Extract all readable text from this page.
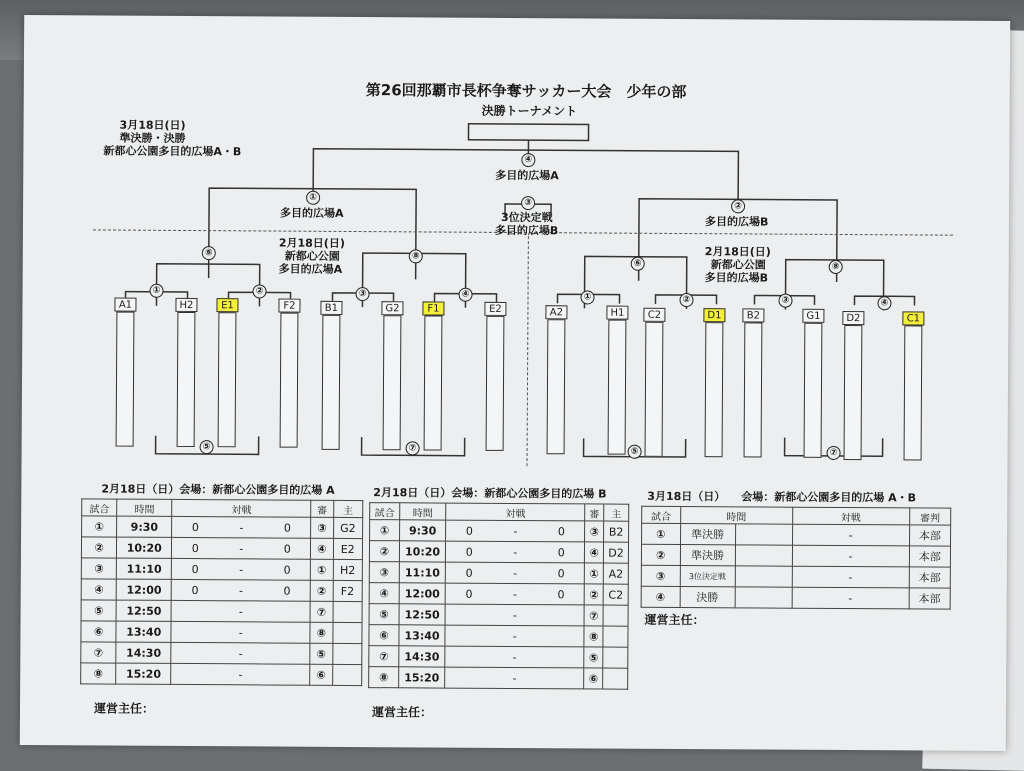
第26回那覇市長杯争奪サッカー大会　少年の部
決勝トーナメント
3月18日(日)
準決勝・決勝
新都心公園多目的広場A・B
④
多目的広場A
③
3位決定戦
多目的広場B
①
多目的広場A
②
多目的広場B
2月18日(日)
新都心公園
多目的広場A
2月18日(日)
新都心公園
多目的広場B
⑥	⑧
⑥	⑧
①	②	③	④	①	②	③	④
⑤	⑦	⑤	⑦
A1	H2	E1	F2	B1	G2	F1	E2	A2	H1	C2	D1	B2	G1	D2	C1
2月18日（日）会場：新都心公園多目的広場 A
試合	時間	対戦			審	主
①	9:30	0	-	0	③	G2
②	10:20	0	-	0	④	E2
③	11:10	0	-	0	①	H2
④	12:00	0	-	0	②	F2
⑤	12:50		-		⑦	
⑥	13:40		-		⑧	
⑦	14:30		-		⑤	
⑧	15:20		-		⑥	
運営主任：
2月18日（日）会場：新都心公園多目的広場 B
試合	時間	対戦			審	主
①	9:30	0	-	0	③	B2
②	10:20	0	-	0	④	D2
③	11:10	0	-	0	①	A2
④	12:00	0	-	0	②	C2
⑤	12:50		-		⑦	
⑥	13:40		-		⑧	
⑦	14:30		-		⑤	
⑧	15:20		-		⑥	
運営主任：
3月18日（日） 会場：新都心公園多目的広場 A・B
試合	時間		対戦	審判
①	準決勝		-	本部
②	準決勝		-	本部
③	3位決定戦		-	本部
④	決勝		-	本部
運営主任：
